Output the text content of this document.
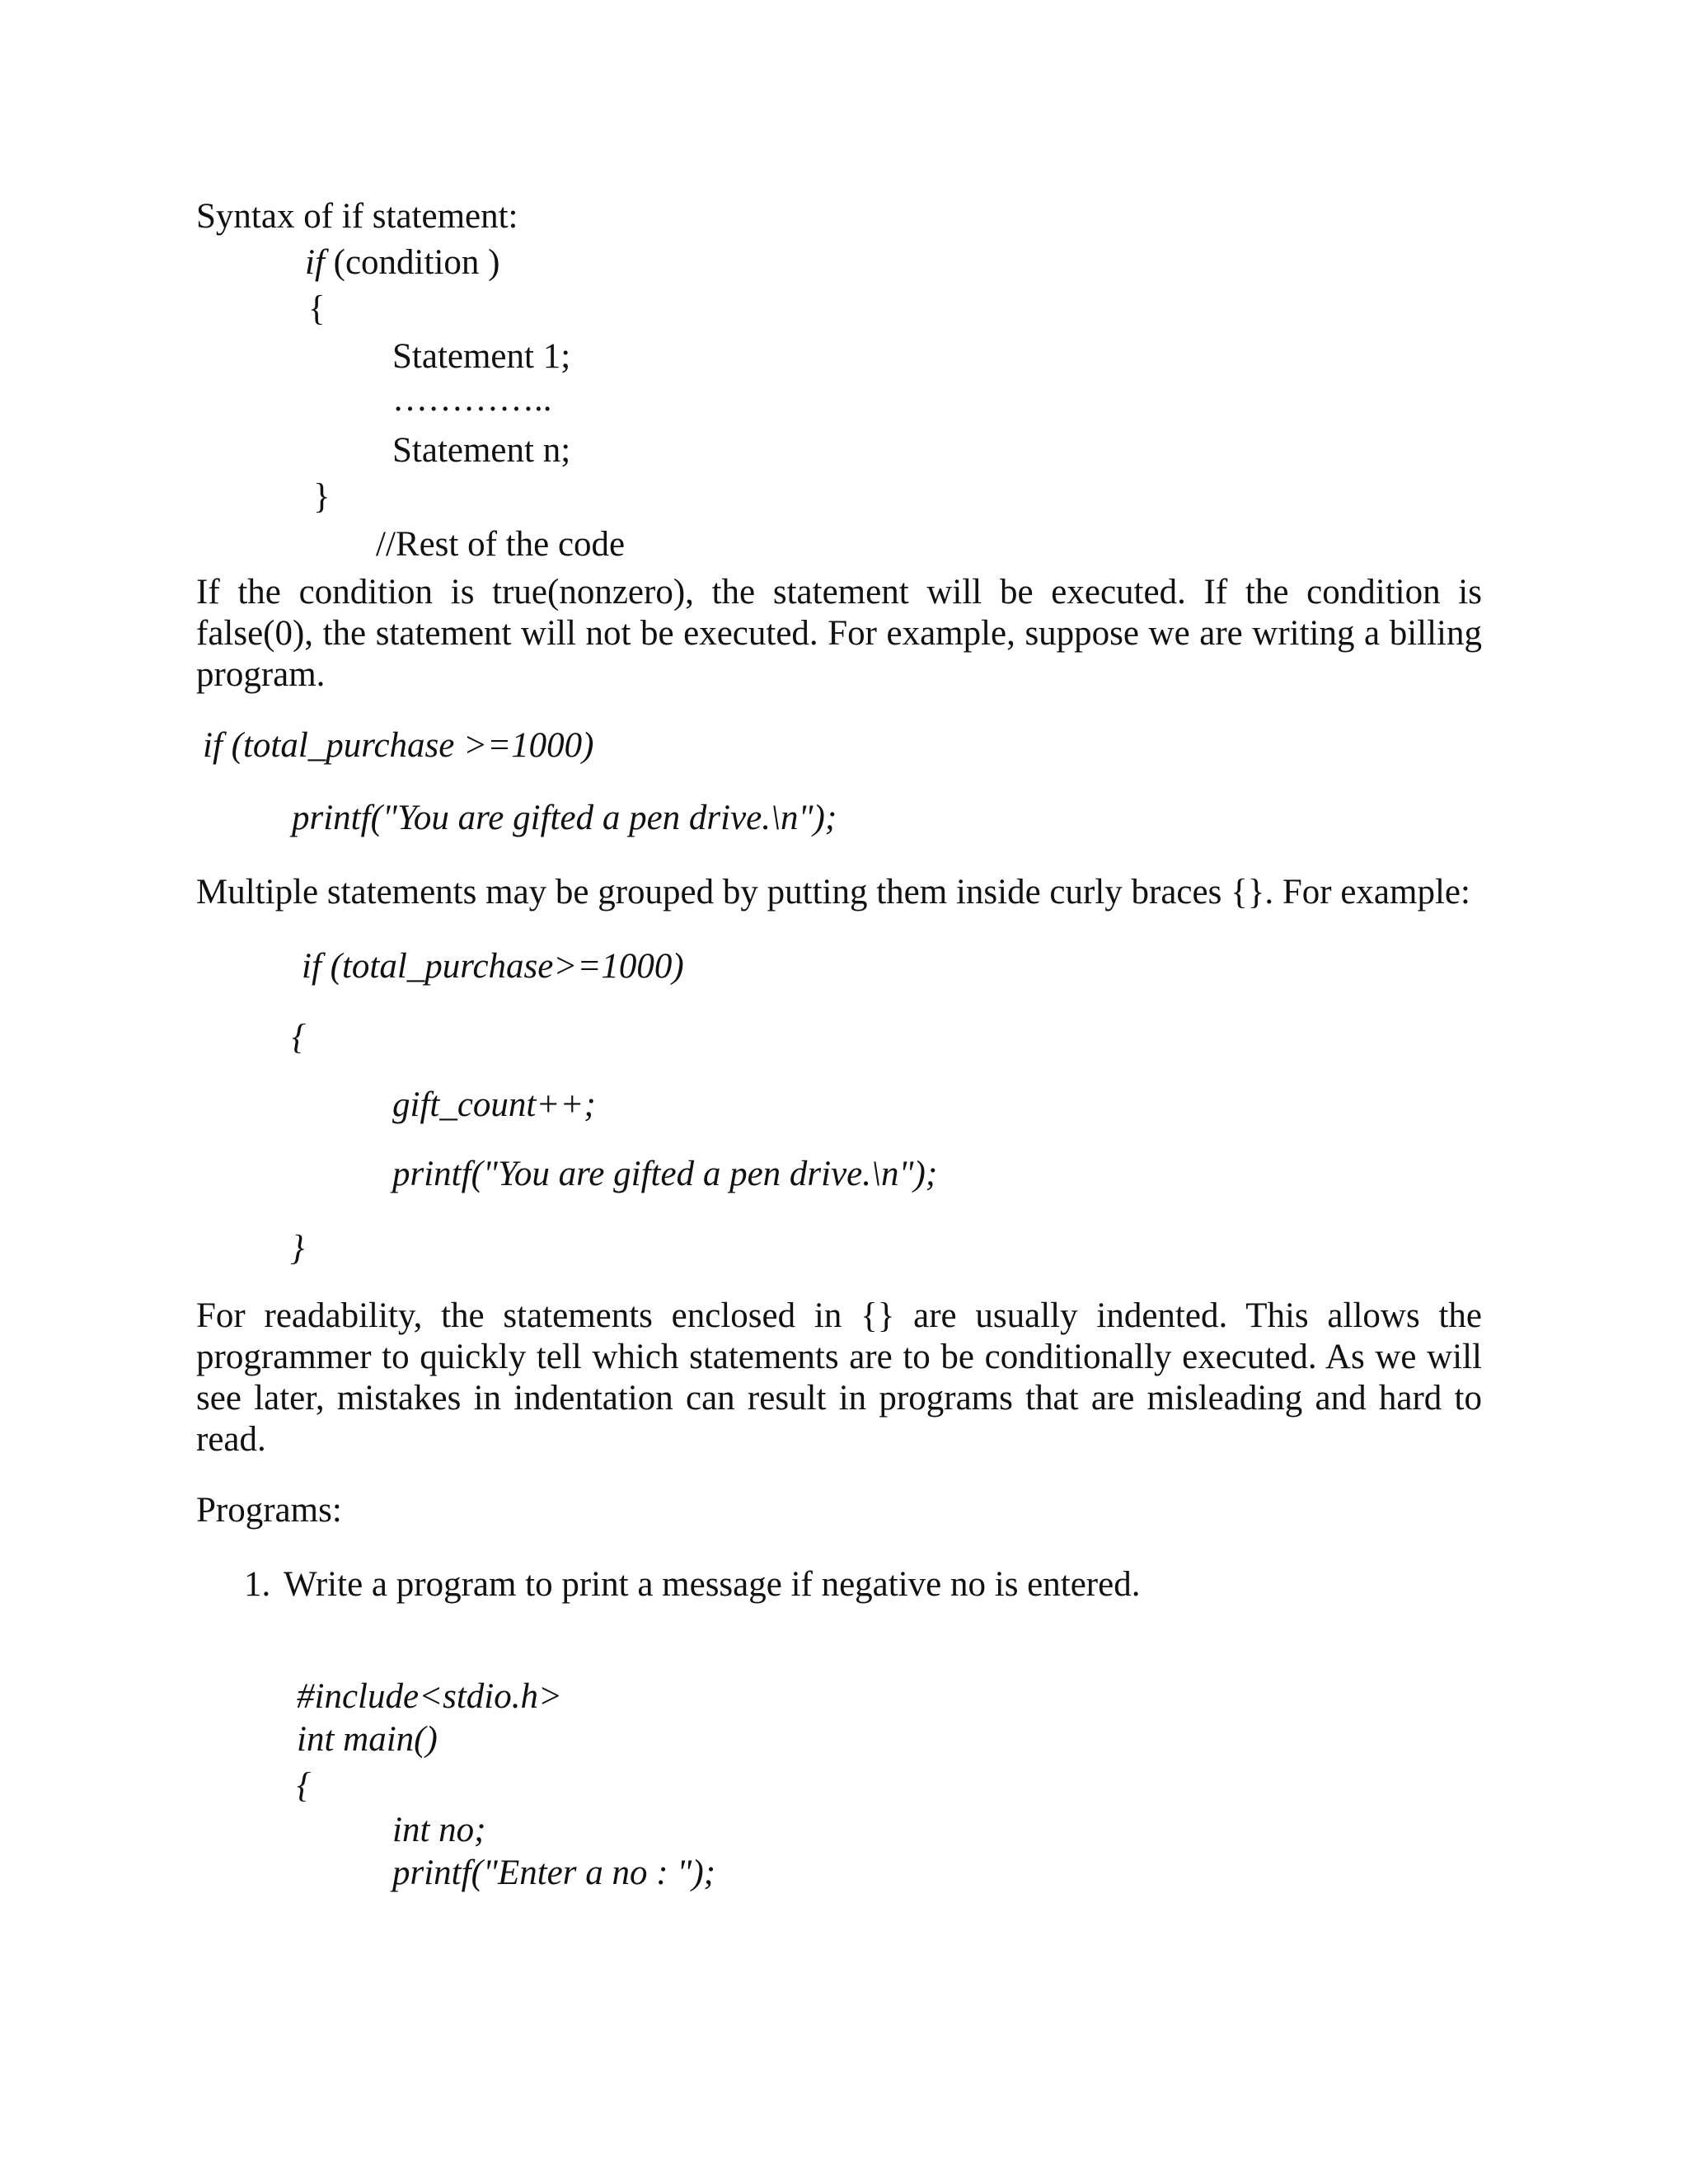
Syntax of if statement:
if (condition )
{
Statement 1;
…………..
Statement n;
}
//Rest of the code
If the condition is true(nonzero), the statement will be executed. If the condition is false(0), the statement will not be executed. For example, suppose we are writing a billing program.
if (total_purchase >=1000)
printf("You are gifted a pen drive.\n");
Multiple statements may be grouped by putting them inside curly braces {}. For example:
if (total_purchase>=1000)
{
gift_count++;
printf("You are gifted a pen drive.\n");
}
For readability, the statements enclosed in {} are usually indented. This allows the programmer to quickly tell which statements are to be conditionally executed. As we will see later, mistakes in indentation can result in programs that are misleading and hard to read.
Programs:
1. Write a program to print a message if negative no is entered.
#include<stdio.h>
int main()
{
int no;
printf("Enter a no : ");
